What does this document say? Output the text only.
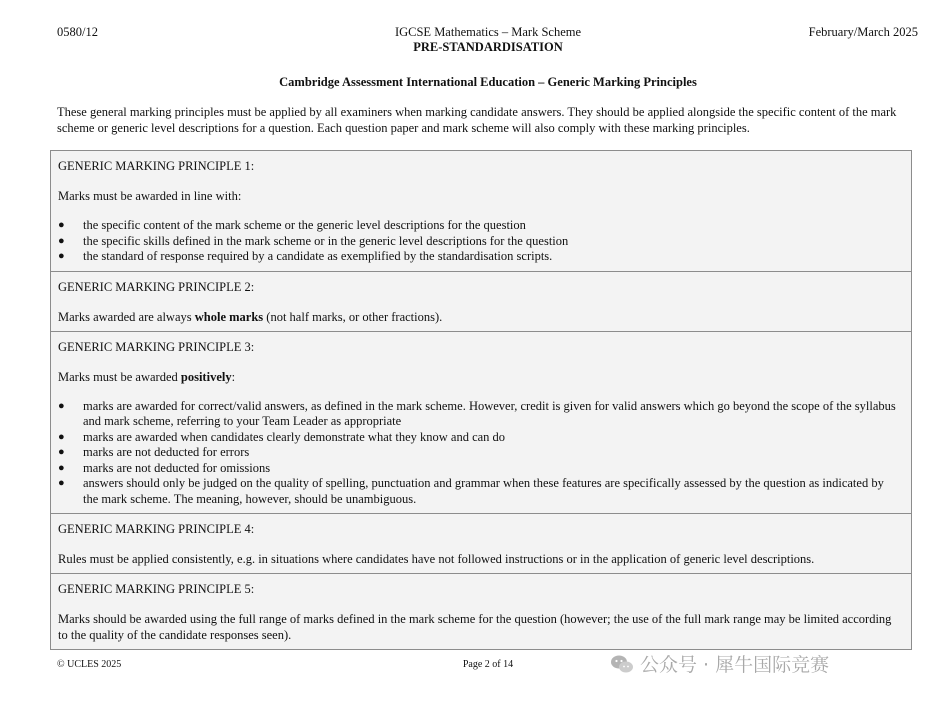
0580/12	IGCSE Mathematics – Mark Scheme
PRE-STANDARDISATION
February/March 2025
Cambridge Assessment International Education – Generic Marking Principles
These general marking principles must be applied by all examiners when marking candidate answers. They should be applied alongside the specific content of the mark scheme or generic level descriptions for a question. Each question paper and mark scheme will also comply with these marking principles.

GENERIC MARKING PRINCIPLE 1:

Marks must be awarded in line with:

● the specific content of the mark scheme or the generic level descriptions for the question
● the specific skills defined in the mark scheme or in the generic level descriptions for the question
● the standard of response required by a candidate as exemplified by the standardisation scripts.

GENERIC MARKING PRINCIPLE 2:

Marks awarded are always whole marks (not half marks, or other fractions).

GENERIC MARKING PRINCIPLE 3:

Marks must be awarded positively:

● marks are awarded for correct/valid answers, as defined in the mark scheme. However, credit is given for valid answers which go beyond the scope of the syllabus and mark scheme, referring to your Team Leader as appropriate
● marks are awarded when candidates clearly demonstrate what they know and can do
● marks are not deducted for errors
● marks are not deducted for omissions
● answers should only be judged on the quality of spelling, punctuation and grammar when these features are specifically assessed by the question as indicated by the mark scheme. The meaning, however, should be unambiguous.

GENERIC MARKING PRINCIPLE 4:

Rules must be applied consistently, e.g. in situations where candidates have not followed instructions or in the application of generic level descriptions.

GENERIC MARKING PRINCIPLE 5:

Marks should be awarded using the full range of marks defined in the mark scheme for the question (however; the use of the full mark range may be limited according to the quality of the candidate responses seen).

© UCLES 2025	Page 2 of 14	公众号 · 犀牛国际竞赛
